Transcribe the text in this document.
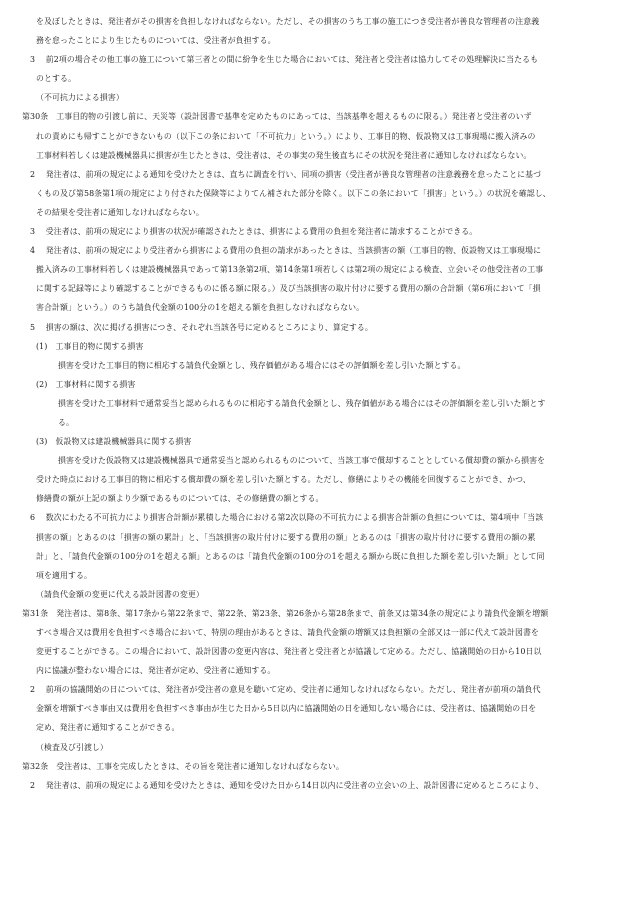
を及ぼしたときは、発注者がその損害を負担しなければならない。ただし、その損害のうち工事の施工につき受注者が善良な管理者の注意義
務を怠ったことにより生じたものについては、受注者が負担する。
3　 前2項の場合その他工事の施工について第三者との間に紛争を生じた場合においては、発注者と受注者は協力してその処理解決に当たるも
のとする。
（不可抗力による損害）
第30条　工事目的物の引渡し前に、天災等（設計図書で基準を定めたものにあっては、当該基準を超えるものに限る。）発注者と受注者のいず
れの責めにも帰すことができないもの（以下この条において「不可抗力」という。）により、工事目的物、仮設物又は工事現場に搬入済みの
工事材料若しくは建設機械器具に損害が生じたときは、受注者は、その事実の発生後直ちにその状況を発注者に通知しなければならない。
2　 発注者は、前項の規定による通知を受けたときは、直ちに調査を行い、同項の損害（受注者が善良な管理者の注意義務を怠ったことに基づ
くもの及び第58条第1項の規定により付された保険等によりてん補された部分を除く。以下この条において「損害」という。）の状況を確認し、
その結果を受注者に通知しなければならない。
3　 受注者は、前項の規定により損害の状況が確認されたときは、損害による費用の負担を発注者に請求することができる。
4　 発注者は、前項の規定により受注者から損害による費用の負担の請求があったときは、当該損害の額（工事目的物、仮設物又は工事現場に
搬入済みの工事材料若しくは建設機械器具であって第13条第2項、第14条第1項若しくは第2項の規定による検査、立会いその他受注者の工事
に関する記録等により確認することができるものに係る額に限る。）及び当該損害の取片付けに要する費用の額の合計額（第6項において「損
害合計額」という。）のうち請負代金額の100分の1を超える額を負担しなければならない。
5　 損害の額は、次に掲げる損害につき、それぞれ当該各号に定めるところにより、算定する。
(1)　工事目的物に関する損害
損害を受けた工事目的物に相応する請負代金額とし、残存価値がある場合にはその評価額を差し引いた額とする。
(2)　工事材料に関する損害
損害を受けた工事材料で通常妥当と認められるものに相応する請負代金額とし、残存価値がある場合にはその評価額を差し引いた額とす
る。
(3)　仮設物又は建設機械器具に関する損害
損害を受けた仮設物又は建設機械器具で通常妥当と認められるものについて、当該工事で償却することとしている償却費の額から損害を
受けた時点における工事目的物に相応する償却費の額を差し引いた額とする。ただし、修繕によりその機能を回復することができ、かつ、
修繕費の額が上記の額より少額であるものについては、その修繕費の額とする。
6　 数次にわたる不可抗力により損害合計額が累積した場合における第2次以降の不可抗力による損害合計額の負担については、第4項中「当該
損害の額」とあるのは「損害の額の累計」と、「当該損害の取片付けに要する費用の額」とあるのは「損害の取片付けに要する費用の額の累
計」と、「請負代金額の100分の1を超える額」とあるのは「請負代金額の100分の1を超える額から既に負担した額を差し引いた額」として同
項を適用する。
（請負代金額の変更に代える設計図書の変更）
第31条　発注者は、第8条、第17条から第22条まで、第22条、第23条、第26条から第28条まで、前条又は第34条の規定により請負代金額を増額
すべき場合又は費用を負担すべき場合において、特別の理由があるときは、請負代金額の増額又は負担額の全部又は一部に代えて設計図書を
変更することができる。この場合において、設計図書の変更内容は、発注者と受注者とが協議して定める。ただし、協議開始の日から10日以
内に協議が整わない場合には、発注者が定め、受注者に通知する。
2　 前項の協議開始の日については、発注者が受注者の意見を聴いて定め、受注者に通知しなければならない。ただし、発注者が前項の請負代
金額を増額すべき事由又は費用を負担すべき事由が生じた日から5日以内に協議開始の日を通知しない場合には、受注者は、協議開始の日を
定め、発注者に通知することができる。
（検査及び引渡し）
第32条　受注者は、工事を完成したときは、その旨を発注者に通知しなければならない。
2　 発注者は、前項の規定による通知を受けたときは、通知を受けた日から14日以内に受注者の立会いの上、設計図書に定めるところにより、
